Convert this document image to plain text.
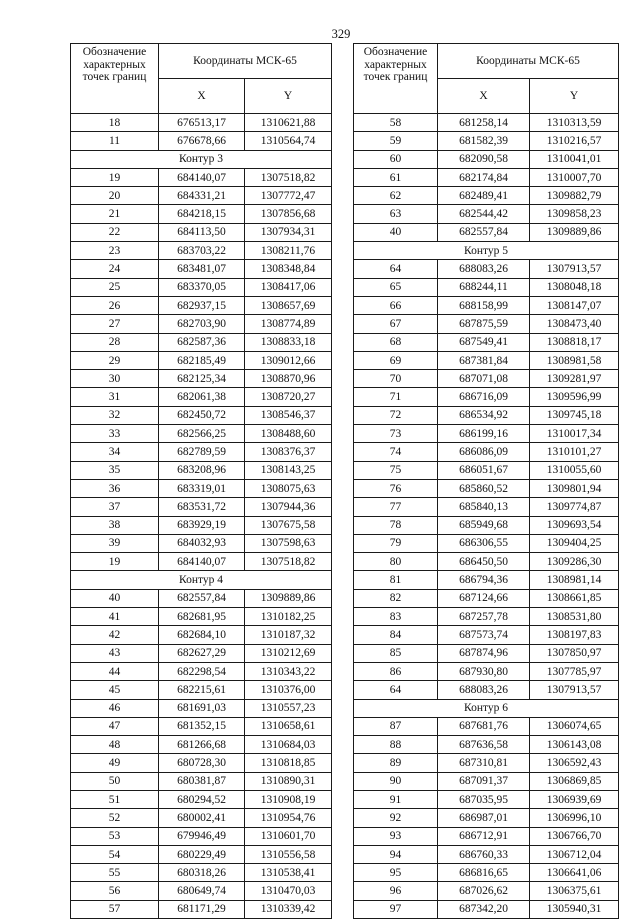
329
Обозначение характерных точек границ	Координаты МСК-65	
	X	Y
18	676513,17	1310621,88
11	676678,66	1310564,74
Контур 3		
19	684140,07	1307518,82
20	684331,21	1307772,47
21	684218,15	1307856,68
22	684113,50	1307934,31
23	683703,22	1308211,76
24	683481,07	1308348,84
25	683370,05	1308417,06
26	682937,15	1308657,69
27	682703,90	1308774,89
28	682587,36	1308833,18
29	682185,49	1309012,66
30	682125,34	1308870,96
31	682061,38	1308720,27
32	682450,72	1308546,37
33	682566,25	1308488,60
34	682789,59	1308376,37
35	683208,96	1308143,25
36	683319,01	1308075,63
37	683531,72	1307944,36
38	683929,19	1307675,58
39	684032,93	1307598,63
19	684140,07	1307518,82
Контур 4		
40	682557,84	1309889,86
41	682681,95	1310182,25
42	682684,10	1310187,32
43	682627,29	1310212,69
44	682298,54	1310343,22
45	682215,61	1310376,00
46	681691,03	1310557,23
47	681352,15	1310658,61
48	681266,68	1310684,03
49	680728,30	1310818,85
50	680381,87	1310890,31
51	680294,52	1310908,19
52	680002,41	1310954,76
53	679946,49	1310601,70
54	680229,49	1310556,58
55	680318,26	1310538,41
56	680649,74	1310470,03
57	681171,29	1310339,42
Обозначение характерных точек границ	Координаты МСК-65	
	X	Y
58	681258,14	1310313,59
59	681582,39	1310216,57
60	682090,58	1310041,01
61	682174,84	1310007,70
62	682489,41	1309882,79
63	682544,42	1309858,23
40	682557,84	1309889,86
Контур 5		
64	688083,26	1307913,57
65	688244,11	1308048,18
66	688158,99	1308147,07
67	687875,59	1308473,40
68	687549,41	1308818,17
69	687381,84	1308981,58
70	687071,08	1309281,97
71	686716,09	1309596,99
72	686534,92	1309745,18
73	686199,16	1310017,34
74	686086,09	1310101,27
75	686051,67	1310055,60
76	685860,52	1309801,94
77	685840,13	1309774,87
78	685949,68	1309693,54
79	686306,55	1309404,25
80	686450,50	1309286,30
81	686794,36	1308981,14
82	687124,66	1308661,85
83	687257,78	1308531,80
84	687573,74	1308197,83
85	687874,96	1307850,97
86	687930,80	1307785,97
64	688083,26	1307913,57
Контур 6		
87	687681,76	1306074,65
88	687636,58	1306143,08
89	687310,81	1306592,43
90	687091,37	1306869,85
91	687035,95	1306939,69
92	686987,01	1306996,10
93	686712,91	1306766,70
94	686760,33	1306712,04
95	686816,65	1306641,06
96	687026,62	1306375,61
97	687342,20	1305940,31
